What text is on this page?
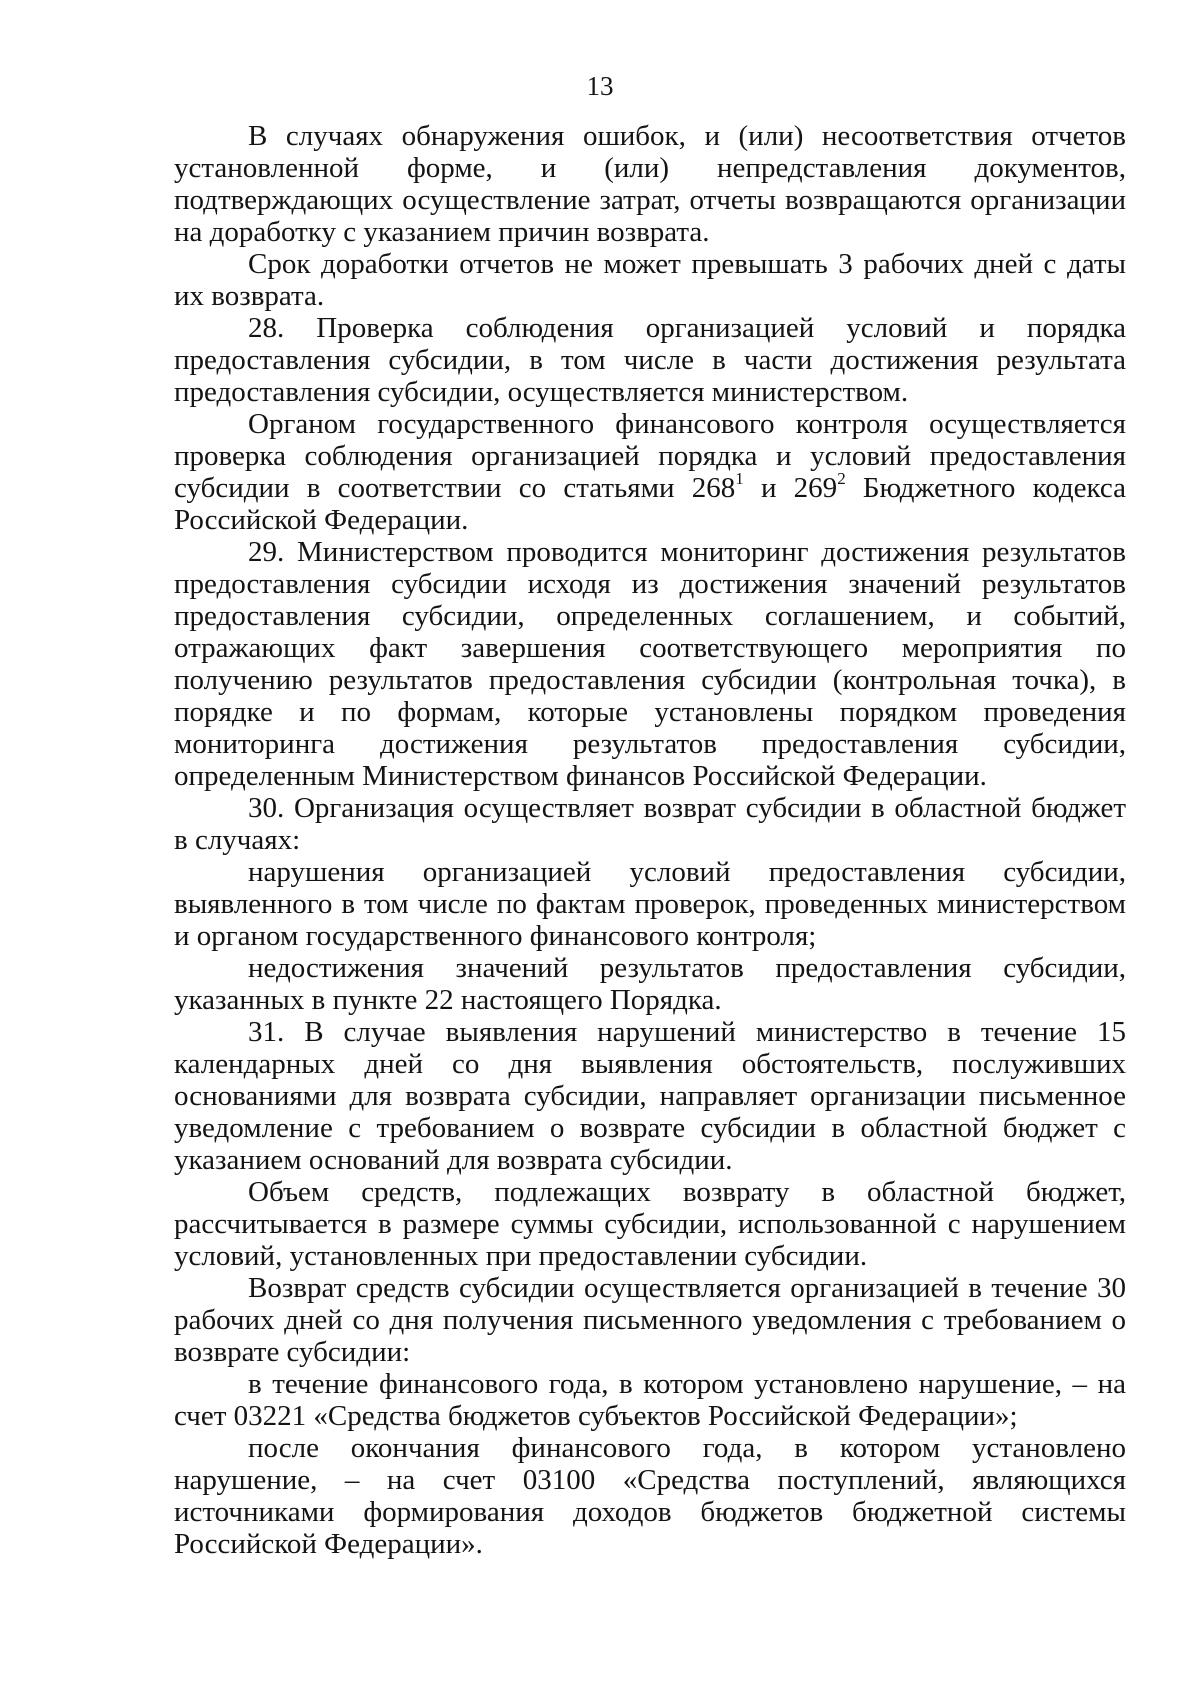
13

В случаях обнаружения ошибок, и (или) несоответствия отчетов установленной форме, и (или) непредставления документов, подтверждающих осуществление затрат, отчеты возвращаются организации на доработку с указанием причин возврата.

Срок доработки отчетов не может превышать 3 рабочих дней с даты их возврата.

28. Проверка соблюдения организацией условий и порядка предоставления субсидии, в том числе в части достижения результата предоставления субсидии, осуществляется министерством.

Органом государственного финансового контроля осуществляется проверка соблюдения организацией порядка и условий предоставления субсидии в соответствии со статьями $268^1$ и $269^2$ Бюджетного кодекса Российской Федерации.

29. Министерством проводится мониторинг достижения результатов предоставления субсидии исходя из достижения значений результатов предоставления субсидии, определенных соглашением, и событий, отражающих факт завершения соответствующего мероприятия по получению результатов предоставления субсидии (контрольная точка), в порядке и по формам, которые установлены порядком проведения мониторинга достижения результатов предоставления субсидии, определенным Министерством финансов Российской Федерации.

30. Организация осуществляет возврат субсидии в областной бюджет в случаях:

нарушения организацией условий предоставления субсидии, выявленного в том числе по фактам проверок, проведенных министерством и органом государственного финансового контроля;

недостижения значений результатов предоставления субсидии, указанных в пункте 22 настоящего Порядка.

31. В случае выявления нарушений министерство в течение 15 календарных дней со дня выявления обстоятельств, послуживших основаниями для возврата субсидии, направляет организации письменное уведомление с требованием о возврате субсидии в областной бюджет с указанием оснований для возврата субсидии.

Объем средств, подлежащих возврату в областной бюджет, рассчитывается в размере суммы субсидии, использованной с нарушением условий, установленных при предоставлении субсидии.

Возврат средств субсидии осуществляется организацией в течение 30 рабочих дней со дня получения письменного уведомления с требованием о возврате субсидии:

в течение финансового года, в котором установлено нарушение, – на счет 03221 «Средства бюджетов субъектов Российской Федерации»;

после окончания финансового года, в котором установлено нарушение, – на счет 03100 «Средства поступлений, являющихся источниками формирования доходов бюджетов бюджетной системы Российской Федерации».
